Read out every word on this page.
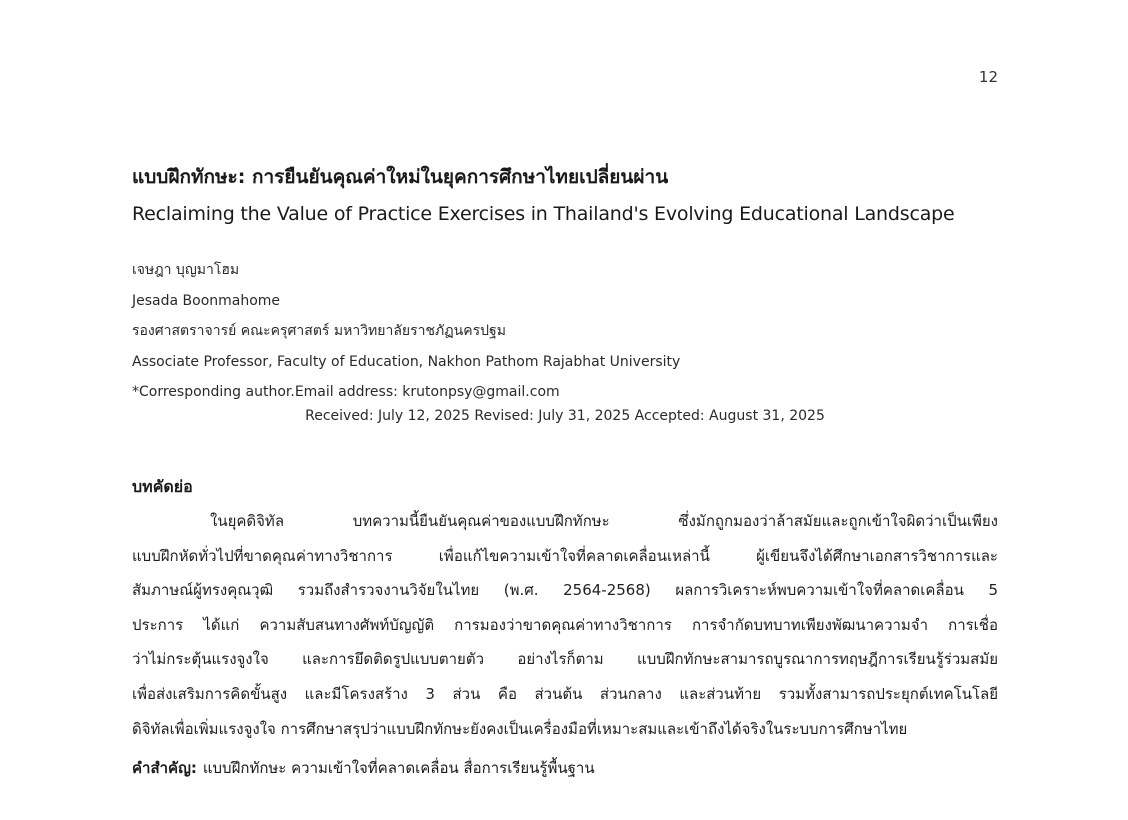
12
แบบฝึกทักษะ: การยืนยันคุณค่าใหม่ในยุคการศึกษาไทยเปลี่ยนผ่าน
Reclaiming the Value of Practice Exercises in Thailand's Evolving Educational Landscape
เจษฎา บุญมาโฮม
Jesada Boonmahome
รองศาสตราจารย์ คณะครุศาสตร์ มหาวิทยาลัยราชภัฏนครปฐม
Associate Professor, Faculty of Education, Nakhon Pathom Rajabhat University
*Corresponding author.Email address: krutonpsy@gmail.com
Received: July 12, 2025 Revised: July 31, 2025 Accepted: August 31, 2025
บทคัดย่อ
ในยุคดิจิทัล บทความนี้ยืนยันคุณค่าของแบบฝึกทักษะ ซึ่งมักถูกมองว่าล้าสมัยและถูกเข้าใจผิดว่าเป็นเพียง
แบบฝึกหัดทั่วไปที่ขาดคุณค่าทางวิชาการ เพื่อแก้ไขความเข้าใจที่คลาดเคลื่อนเหล่านี้ ผู้เขียนจึงได้ศึกษาเอกสารวิชาการและ
สัมภาษณ์ผู้ทรงคุณวุฒิ รวมถึงสำรวจงานวิจัยในไทย (พ.ศ. 2564-2568) ผลการวิเคราะห์พบความเข้าใจที่คลาดเคลื่อน 5
ประการ ได้แก่ ความสับสนทางศัพท์บัญญัติ การมองว่าขาดคุณค่าทางวิชาการ การจำกัดบทบาทเพียงพัฒนาความจำ การเชื่อ
ว่าไม่กระตุ้นแรงจูงใจ และการยึดติดรูปแบบตายตัว อย่างไรก็ตาม แบบฝึกทักษะสามารถบูรณาการทฤษฎีการเรียนรู้ร่วมสมัย
เพื่อส่งเสริมการคิดขั้นสูง และมีโครงสร้าง 3 ส่วน คือ ส่วนต้น ส่วนกลาง และส่วนท้าย รวมทั้งสามารถประยุกต์เทคโนโลยี
ดิจิทัลเพื่อเพิ่มแรงจูงใจ การศึกษาสรุปว่าแบบฝึกทักษะยังคงเป็นเครื่องมือที่เหมาะสมและเข้าถึงได้จริงในระบบการศึกษาไทย
คำสำคัญ: แบบฝึกทักษะ ความเข้าใจที่คลาดเคลื่อน สื่อการเรียนรู้พื้นฐาน
